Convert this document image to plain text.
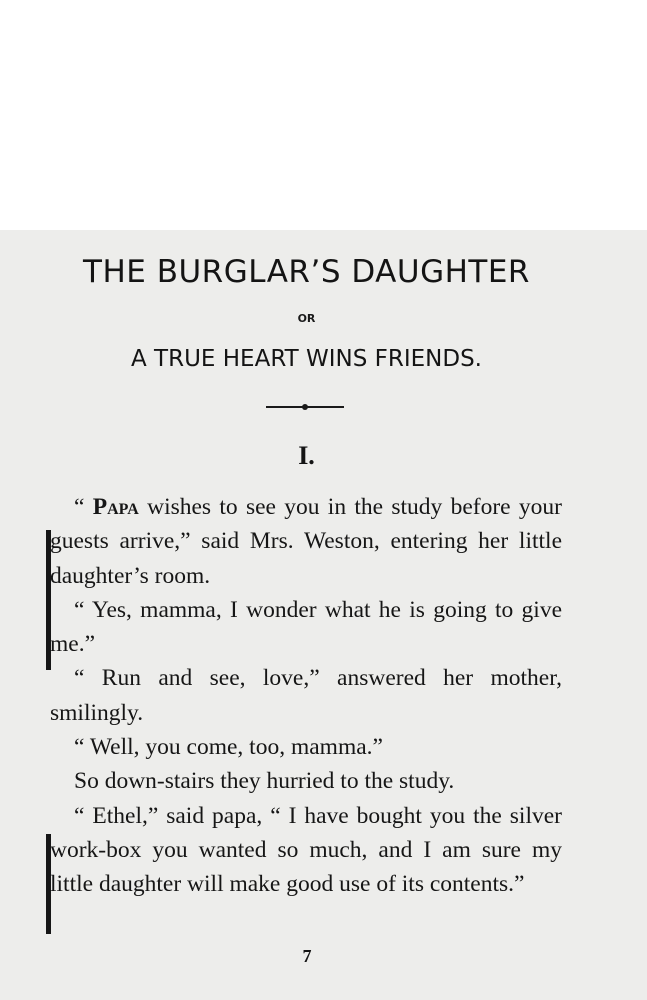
THE BURGLAR’S DAUGHTER
OR
A TRUE HEART WINS FRIENDS.
I.

“ Papa wishes to see you in the study before your guests arrive,” said Mrs. Weston, entering her little daughter’s room.

“ Yes, mamma, I wonder what he is going to give me.”

“ Run and see, love,” answered her mother, smilingly.

“ Well, you come, too, mamma.”

So down-stairs they hurried to the study.

“ Ethel,” said papa, “ I have bought you the silver work-box you wanted so much, and I am sure my little daughter will make good use of its contents.”

7
